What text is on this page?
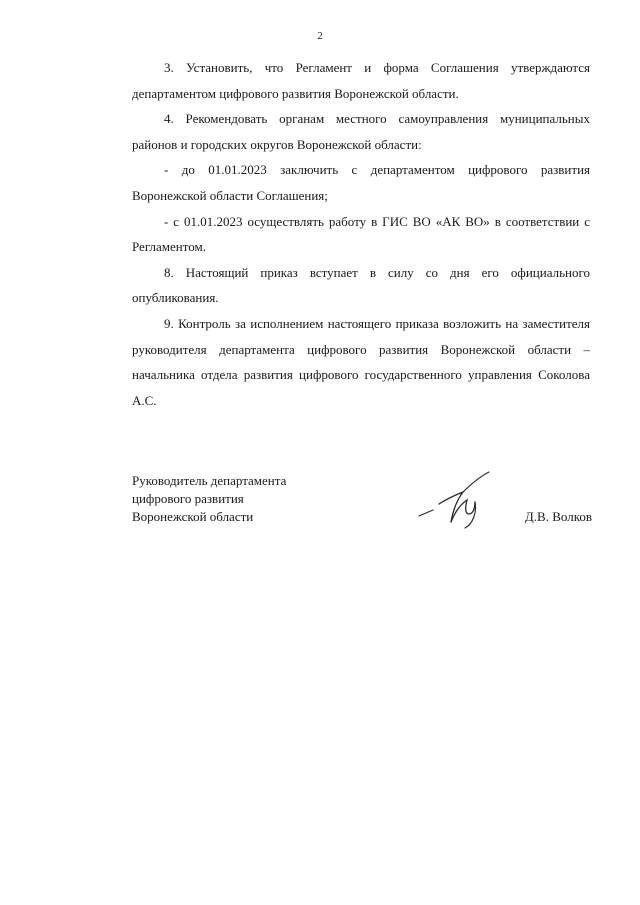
2

3. Установить, что Регламент и форма Соглашения утверждаются департаментом цифрового развития Воронежской области.

4. Рекомендовать органам местного самоуправления муниципальных районов и городских округов Воронежской области:

- до 01.01.2023 заключить с департаментом цифрового развития Воронежской области Соглашения;

- с 01.01.2023 осуществлять работу в ГИС ВО «АК ВО» в соответствии с Регламентом.

8. Настоящий приказ вступает в силу со дня его официального опубликования.

9. Контроль за исполнением настоящего приказа возложить на заместителя руководителя департамента цифрового развития Воронежской области – начальника отдела развития цифрового государственного управления Соколова А.С.

Руководитель департамента
цифрового развития
Воронежской области	Д.В. Волков
